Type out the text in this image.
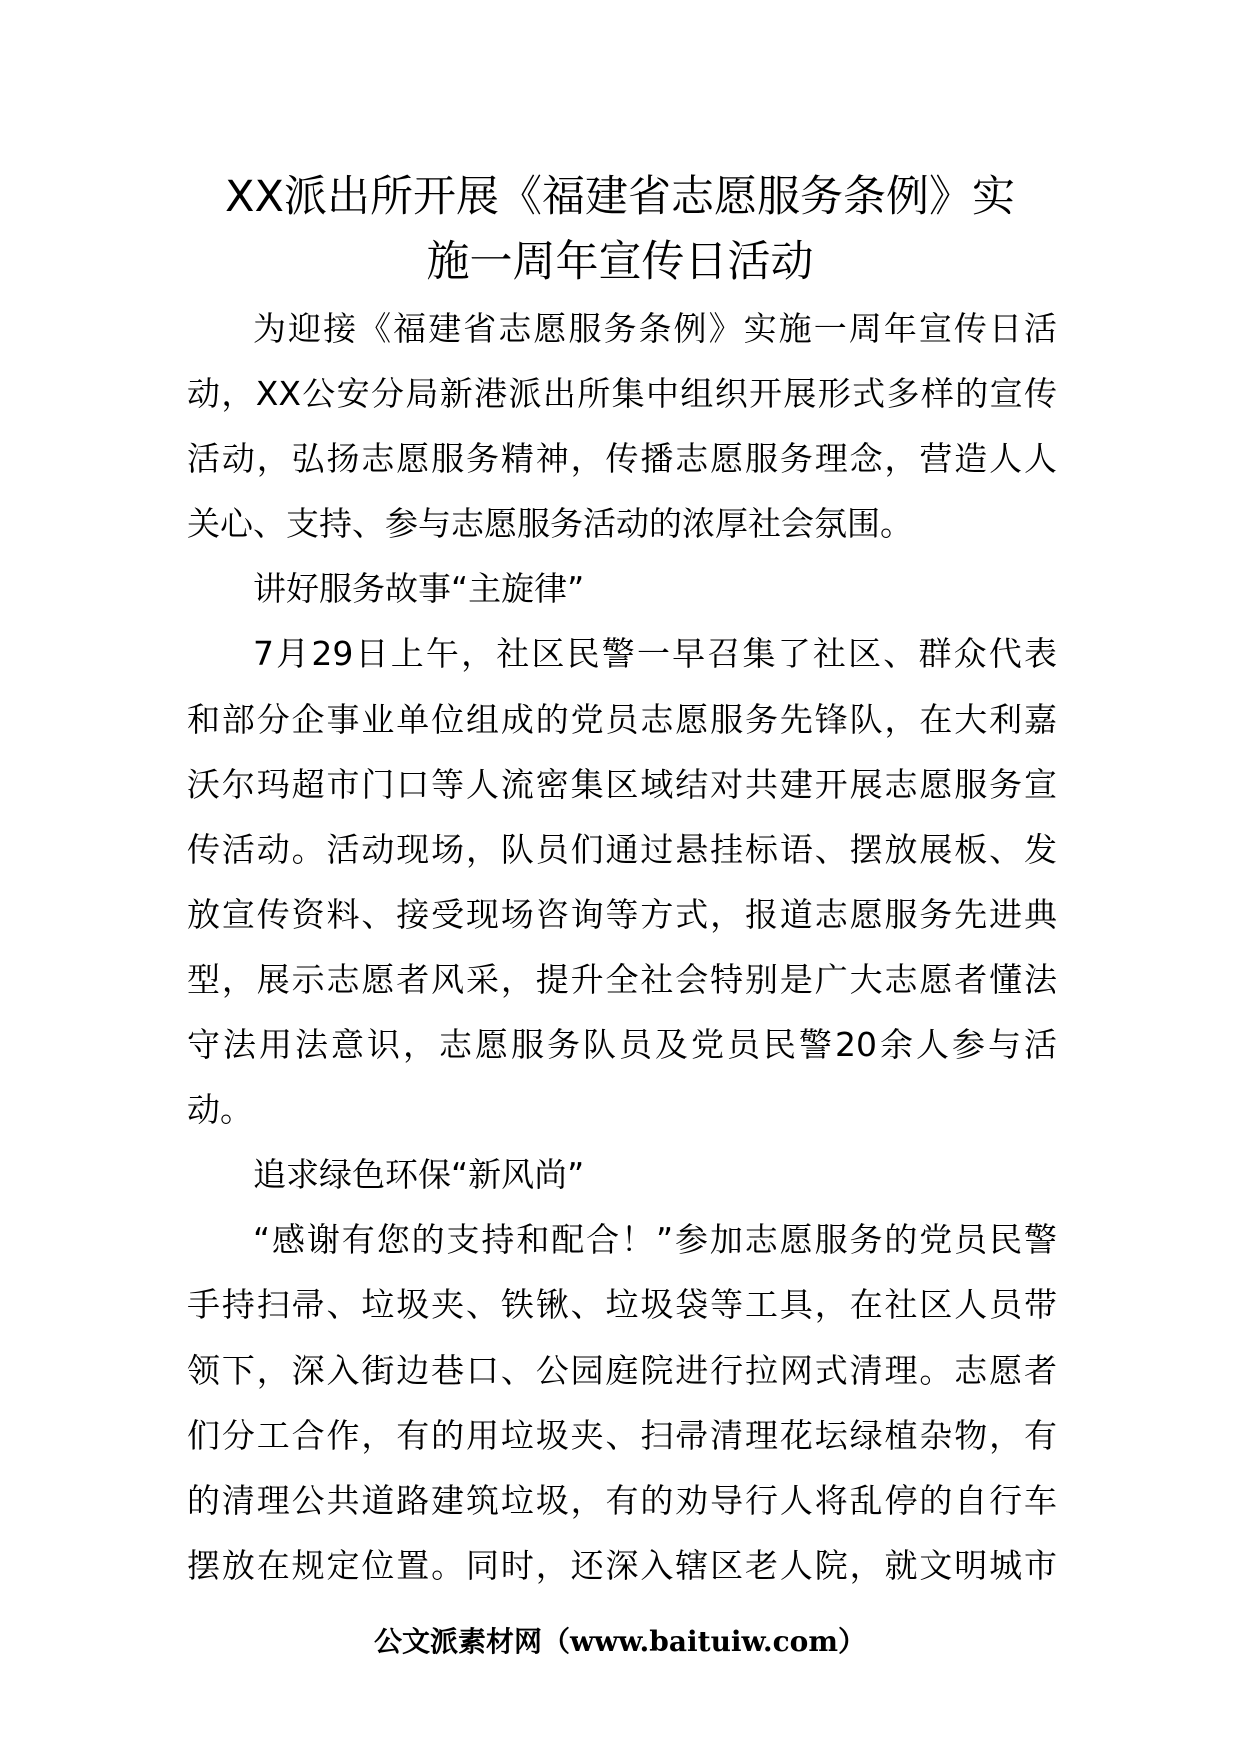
XX派出所开展《福建省志愿服务条例》实
施一周年宣传日活动
为迎接《福建省志愿服务条例》实施一周年宣传日活
动，XX公安分局新港派出所集中组织开展形式多样的宣传
活动，弘扬志愿服务精神，传播志愿服务理念，营造人人
关心、支持、参与志愿服务活动的浓厚社会氛围。
讲好服务故事“主旋律”
7月29日上午，社区民警一早召集了社区、群众代表
和部分企事业单位组成的党员志愿服务先锋队，在大利嘉
沃尔玛超市门口等人流密集区域结对共建开展志愿服务宣
传活动。活动现场，队员们通过悬挂标语、摆放展板、发
放宣传资料、接受现场咨询等方式，报道志愿服务先进典
型，展示志愿者风采，提升全社会特别是广大志愿者懂法
守法用法意识，志愿服务队员及党员民警20余人参与活
动。
追求绿色环保“新风尚”
“感谢有您的支持和配合！”参加志愿服务的党员民警
手持扫帚、垃圾夹、铁锹、垃圾袋等工具，在社区人员带
领下，深入街边巷口、公园庭院进行拉网式清理。志愿者
们分工合作，有的用垃圾夹、扫帚清理花坛绿植杂物，有
的清理公共道路建筑垃圾，有的劝导行人将乱停的自行车
摆放在规定位置。同时，还深入辖区老人院，就文明城市
公文派素材网（www.baituiw.com）
